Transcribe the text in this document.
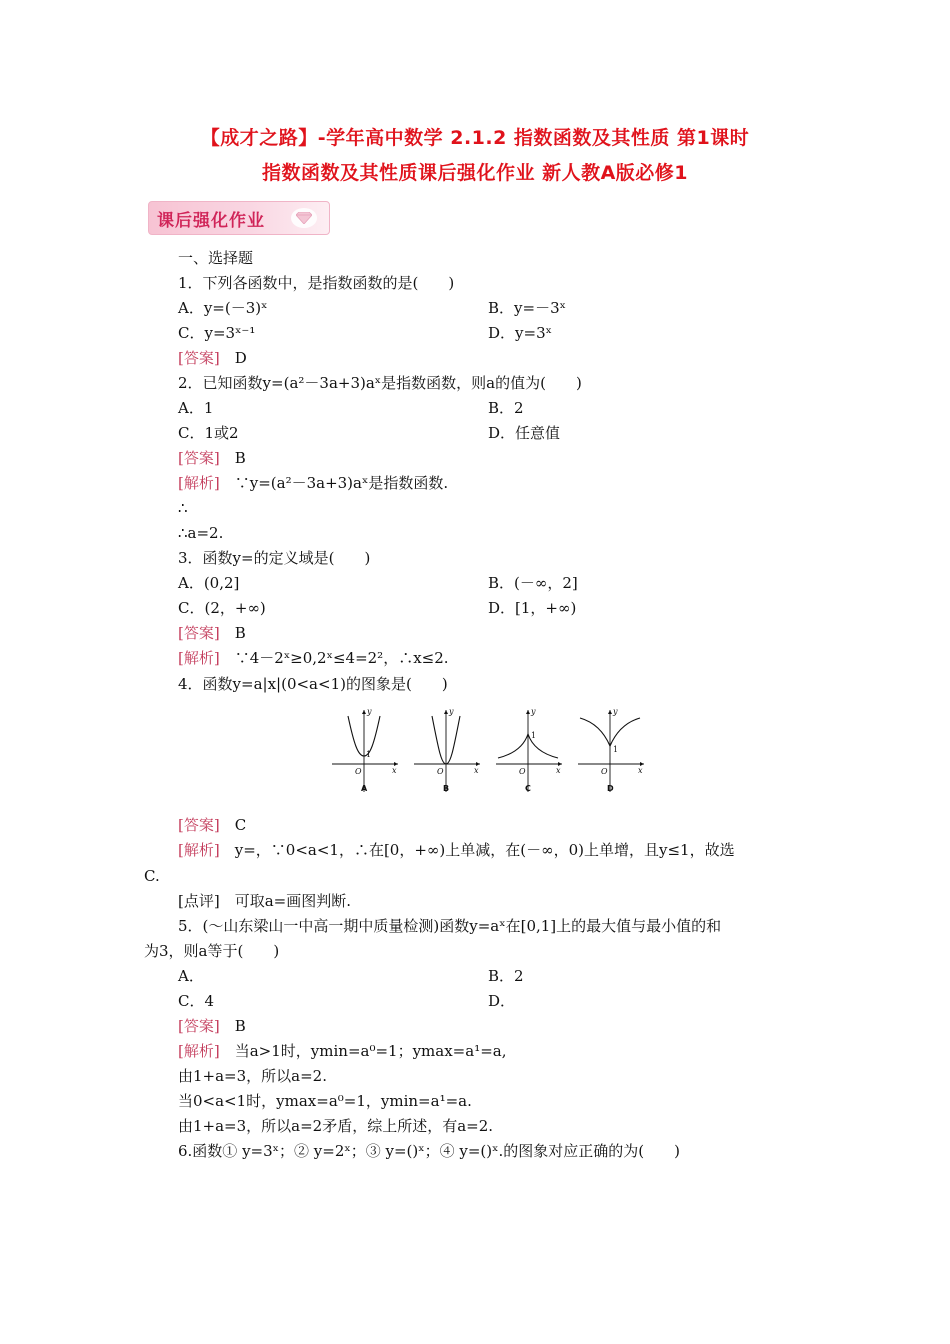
【成才之路】-学年高中数学 2.1.2 指数函数及其性质 第1课时
指数函数及其性质课后强化作业 新人教A版必修1
课后强化作业
一、选择题
1．下列各函数中，是指数函数的是(　　)
A．y=(－3)ˣ	B．y=－3ˣ
C．y=3ˣ⁻¹	D．y=3ˣ
[答案]　 D
2．已知函数y=(a²－3a+3)aˣ是指数函数，则a的值为(　　)
A．1	B．2
C．1或2	D．任意值
[答案]　 B
[解析]　 ∵y=(a²－3a+3)aˣ是指数函数.
∴
∴a=2.
3．函数y=的定义域是(　　)
A．(0,2]	B．(－∞，2]
C．(2，+∞)	D．[1，+∞)
[答案]　 B
[解析]　 ∵4－2ˣ≥0,2ˣ≤4=2²，∴x≤2.
4．函数y=a|x|(0<a<1)的图象是(　　)
y
x
O
1
y
x
O
y
x
O
1
y
x
O
1
A	B	C	D
[答案]　 C
[解析]　 y=，∵0<a<1，∴在[0，+∞)上单减，在(－∞，0)上单增，且y≤1，故选
C.
[点评]　可取a=画图判断.
5．(～山东梁山一中高一期中质量检测)函数y=aˣ在[0,1]上的最大值与最小值的和
为3，则a等于(　　)
A．	B．2
C．4	D．
[答案]　 B
[解析]　 当a>1时，ymin=a⁰=1；ymax=a¹=a,
由1+a=3，所以a=2.
当0<a<1时，ymax=a⁰=1，ymin=a¹=a.
由1+a=3，所以a=2矛盾，综上所述，有a=2.
6.函数① y=3ˣ；② y=2ˣ；③ y=()ˣ；④ y=()ˣ.的图象对应正确的为(　　)
